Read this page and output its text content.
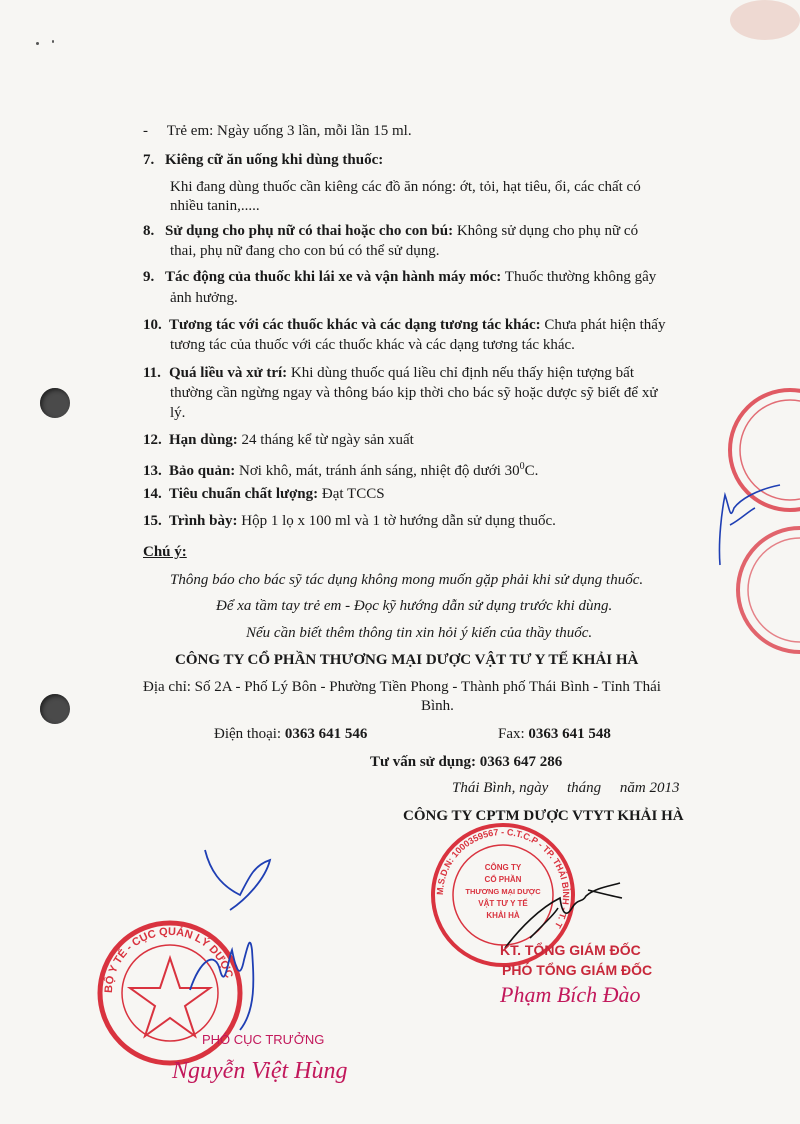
-     Trẻ em: Ngày uống 3 lần, mỗi lần 15 ml.
7. Kiêng cữ ăn uống khi dùng thuốc:
Khi đang dùng thuốc cần kiêng các đồ ăn nóng: ớt, tỏi, hạt tiêu, ổi, các chất có
nhiều tanin,.....
8. Sử dụng cho phụ nữ có thai hoặc cho con bú: Không sử dụng cho phụ nữ có
thai, phụ nữ đang cho con bú có thể sử dụng.
9. Tác động của thuốc khi lái xe và vận hành máy móc: Thuốc thường không gây
ảnh hưởng.
10. Tương tác với các thuốc khác và các dạng tương tác khác: Chưa phát hiện thấy
tương tác của thuốc với các thuốc khác và các dạng tương tác khác.
11. Quá liều và xử trí: Khi dùng thuốc quá liều chỉ định nếu thấy hiện tượng bất
thường cần ngừng ngay và thông báo kịp thời cho bác sỹ hoặc dược sỹ biết để xử
lý.
12. Hạn dùng: 24 tháng kể từ ngày sản xuất
13. Bảo quản: Nơi khô, mát, tránh ánh sáng, nhiệt độ dưới $30^0C$.
14. Tiêu chuẩn chất lượng: Đạt TCCS
15. Trình bày: Hộp 1 lọ x 100 ml và 1 tờ hướng dẫn sử dụng thuốc.
Chú ý:
Thông báo cho bác sỹ tác dụng không mong muốn gặp phải khi sử dụng thuốc.
Để xa tầm tay trẻ em - Đọc kỹ hướng dẫn sử dụng trước khi dùng.
Nếu cần biết thêm thông tin xin hỏi ý kiến của thầy thuốc.
CÔNG TY CỔ PHẦN THƯƠNG MẠI DƯỢC VẬT TƯ Y TẾ KHẢI HÀ
Địa chỉ: Số 2A - Phố Lý Bôn - Phường Tiền Phong - Thành phố Thái Bình - Tỉnh Thái
Bình.
Điện thoại: 0363 641 546	Fax: 0363 641 548
Tư vấn sử dụng: 0363 647 286
Thái Bình, ngày     tháng     năm 2013
CÔNG TY CPTM DƯỢC VTYT KHẢI HÀ
M.S.D.N: 1000359567 - C.T.C.P - TP. THÁI BÌNH - T. T
CÔNG TY
CỔ PHẦN
THƯƠNG MẠI DƯỢC
VẬT TƯ Y TẾ
KHẢI HÀ
KT. TỔNG GIÁM ĐỐC
PHÓ TỔNG GIÁM ĐỐC
Phạm Bích Đào
BỘ Y TẾ - CỤC QUẢN LÝ DƯỢC
PHÓ CỤC TRƯỞNG
Nguyễn Việt Hùng
